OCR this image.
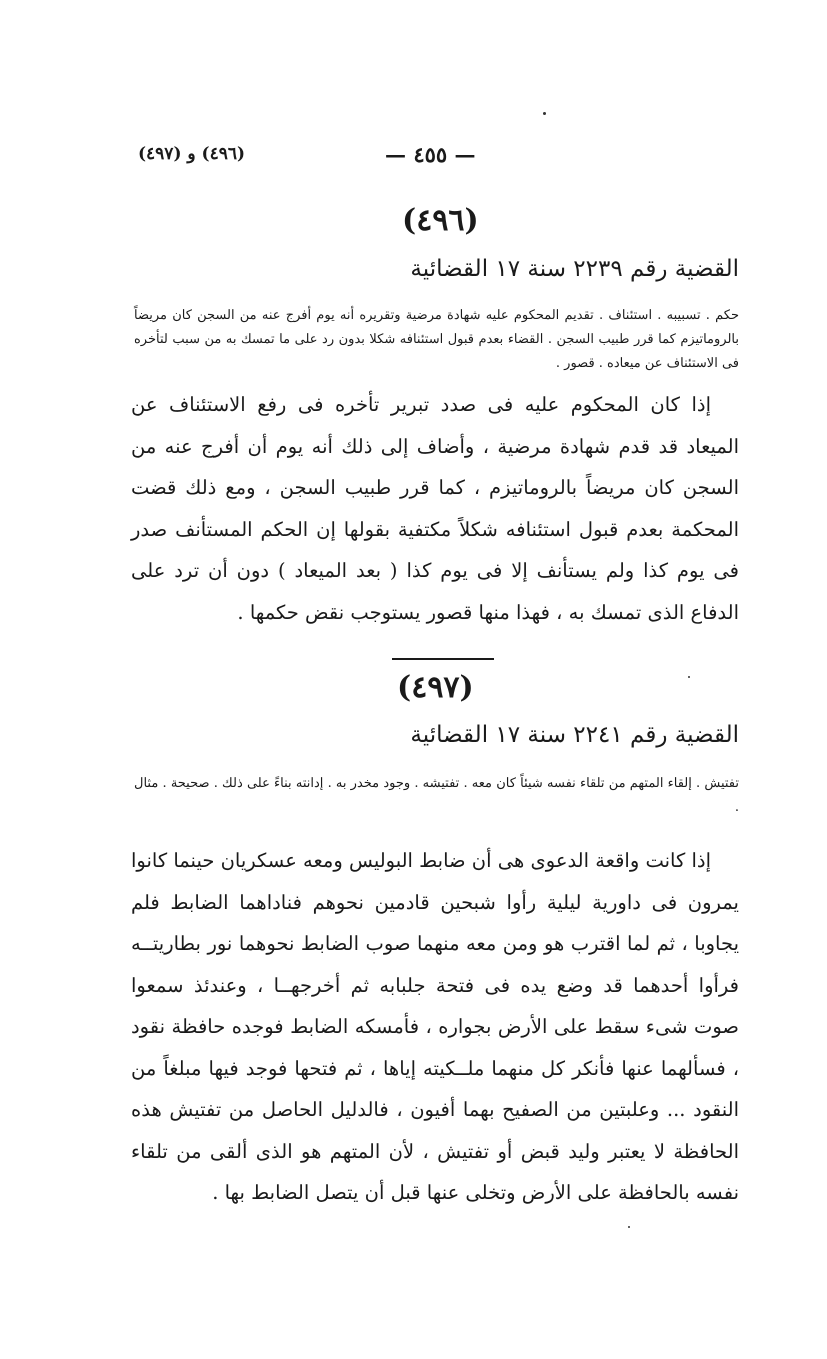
(٤٩٦) و (٤٩٧)	— ٤٥٥ —
(٤٩٦)
القضية رقم ٢٢٣٩ سنة ١٧ القضائية
حكم . تسبيبه . استئناف . تقديم المحكوم عليه شهادة مرضية وتقريره أنه يوم أفرج عنه من السجن كان مريضاً بالروماتيزم كما قرر طبيب السجن . القضاء بعدم قبول استئنافه شكلا بدون رد على ما تمسك به من سبب لتأخره فى الاستئناف عن ميعاده . قصور .
إذا كان المحكوم عليه فى صدد تبرير تأخره فى رفع الاستئناف عن الميعاد قد قدم شهادة مرضية ، وأضاف إلى ذلك أنه يوم أن أفرج عنه من السجن كان مريضاً بالروماتيزم ، كما قرر طبيب السجن ، ومع ذلك قضت المحكمة بعدم قبول استئنافه شكلاً مكتفية بقولها إن الحكم المستأنف صدر فى يوم كذا ولم يستأنف إلا فى يوم كذا ( بعد الميعاد ) دون أن ترد على الدفاع الذى تمسك به ، فهذا منها قصور يستوجب نقض حكمها .
(٤٩٧)
القضية رقم ٢٢٤١ سنة ١٧ القضائية
تفتيش . إلقاء المتهم من تلقاء نفسه شيئاً كان معه . تفتيشه . وجود مخدر به . إدانته بناءً على ذلك . صحيحة . مثال .
إذا كانت واقعة الدعوى هى أن ضابط البوليس ومعه عسكريان حينما كانوا يمرون فى داورية ليلية رأوا شبحين قادمين نحوهم فناداهما الضابط فلم يجاوبا ، ثم لما اقترب هو ومن معه منهما صوب الضابط نحوهما نور بطاريتــه فرأوا أحدهما قد وضع يده فى فتحة جلبابه ثم أخرجهــا ، وعندئذ سمعوا صوت شىء سقط على الأرض بجواره ، فأمسكه الضابط فوجده حافظة نقود ، فسألهما عنها فأنكر كل منهما ملــكيته إياها ، ثم فتحها فوجد فيها مبلغاً من النقود ... وعلبتين من الصفيح بهما أفيون ، فالدليل الحاصل من تفتيش هذه الحافظة لا يعتبر وليد قبض أو تفتيش ، لأن المتهم هو الذى ألقى من تلقاء نفسه بالحافظة على الأرض وتخلى عنها قبل أن يتصل الضابط بها .
